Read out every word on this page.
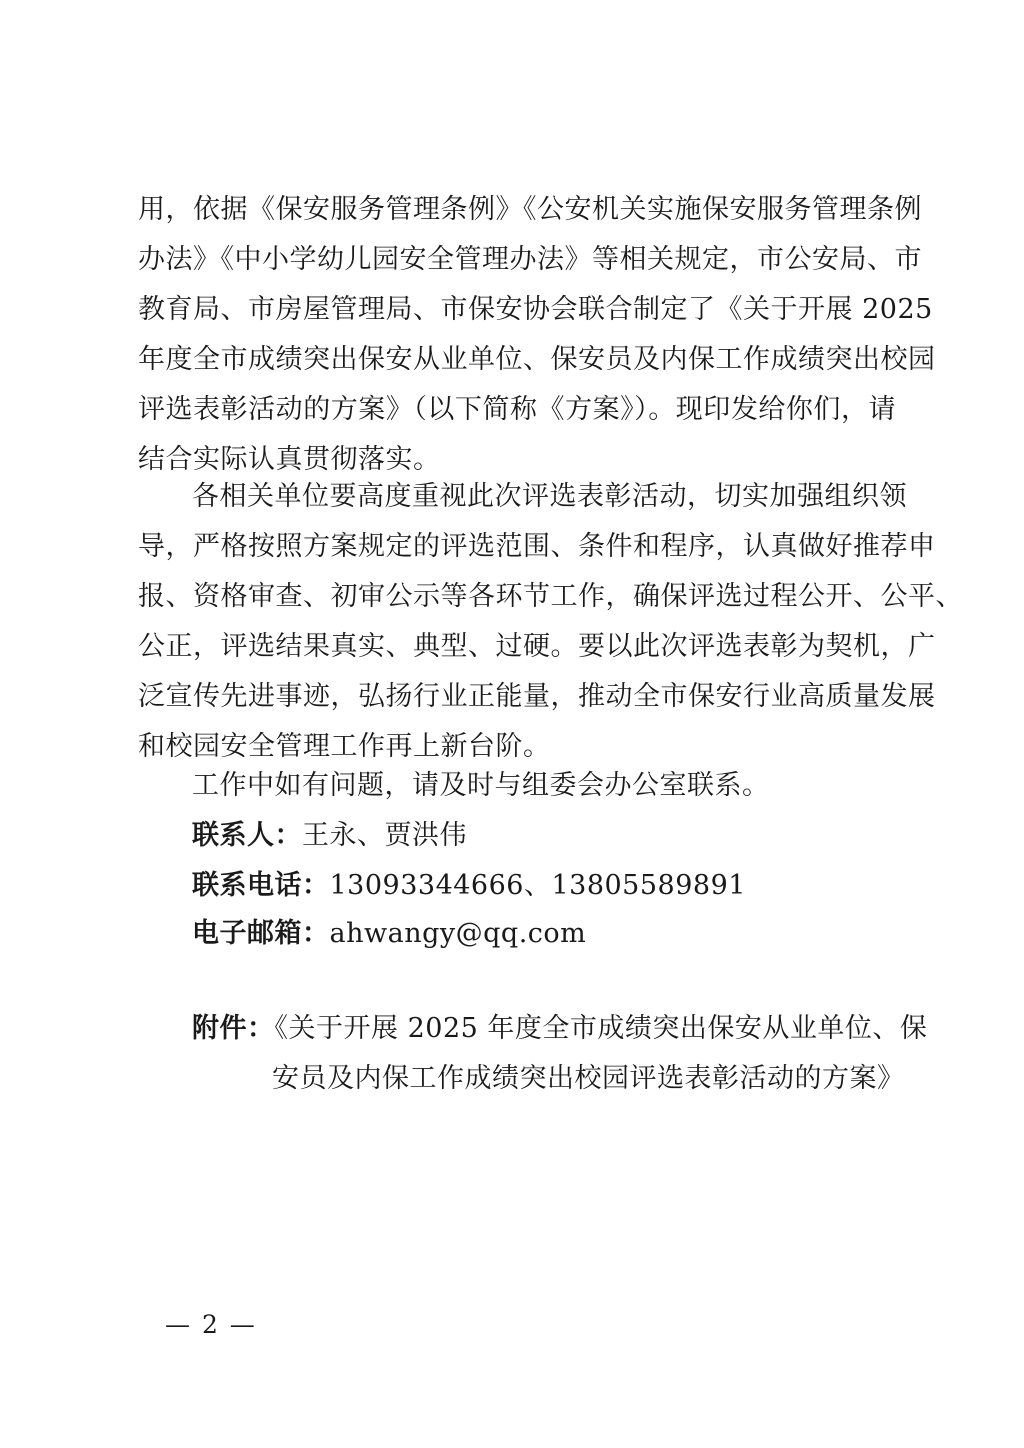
用，依据《保安服务管理条例》《公安机关实施保安服务管理条例
办法》《中小学幼儿园安全管理办法》等相关规定，市公安局、市
教育局、市房屋管理局、市保安协会联合制定了《关于开展 2025
年度全市成绩突出保安从业单位、保安员及内保工作成绩突出校园
评选表彰活动的方案》（以下简称《方案》）。现印发给你们，请
结合实际认真贯彻落实。
各相关单位要高度重视此次评选表彰活动，切实加强组织领
导，严格按照方案规定的评选范围、条件和程序，认真做好推荐申
报、资格审查、初审公示等各环节工作，确保评选过程公开、公平、
公正，评选结果真实、典型、过硬。要以此次评选表彰为契机，广
泛宣传先进事迹，弘扬行业正能量，推动全市保安行业高质量发展
和校园安全管理工作再上新台阶。
工作中如有问题，请及时与组委会办公室联系。
联系人：王永、贾洪伟
联系电话：13093344666、13805589891
电子邮箱：ahwangy@qq.com
附件：《关于开展 2025 年度全市成绩突出保安从业单位、保
安员及内保工作成绩突出校园评选表彰活动的方案》
— 2 —
